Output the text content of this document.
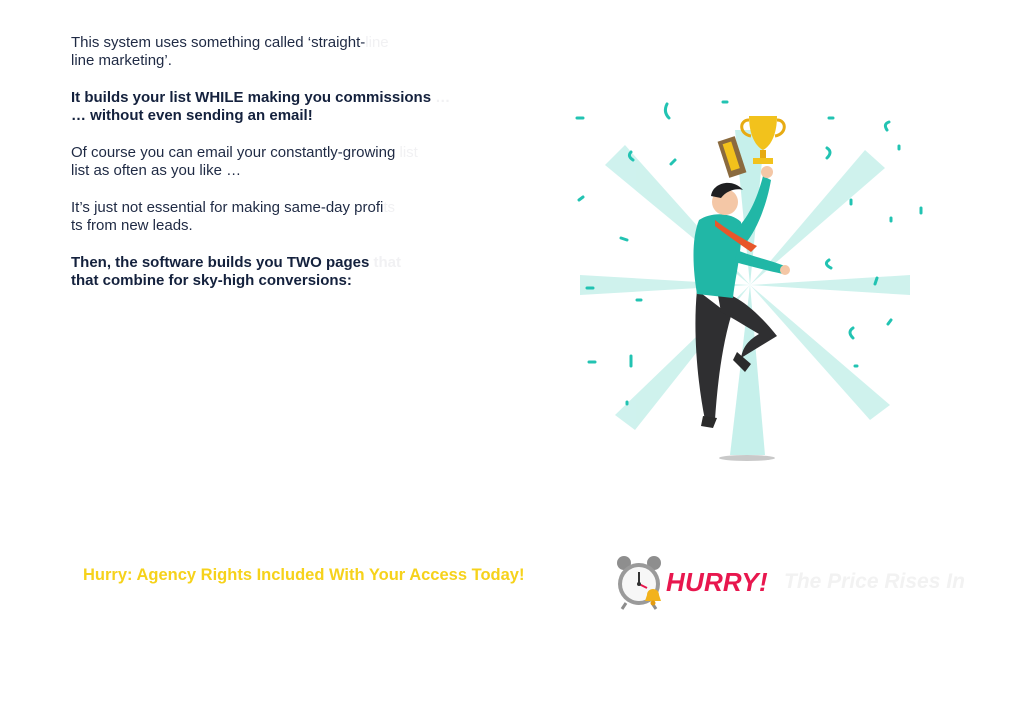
This system uses something called ‘straight-line
line marketing’.

It builds your list WHILE making you commissions …
… without even sending an email!

Of course you can email your constantly-growing list
list as often as you like …

It’s just not essential for making same-day profits
ts from new leads.

Then, the software builds you TWO pages that
that combine for sky-high conversions:

Hurry: Agency Rights Included With Your Access Today!	HURRY! The Price Rises In
